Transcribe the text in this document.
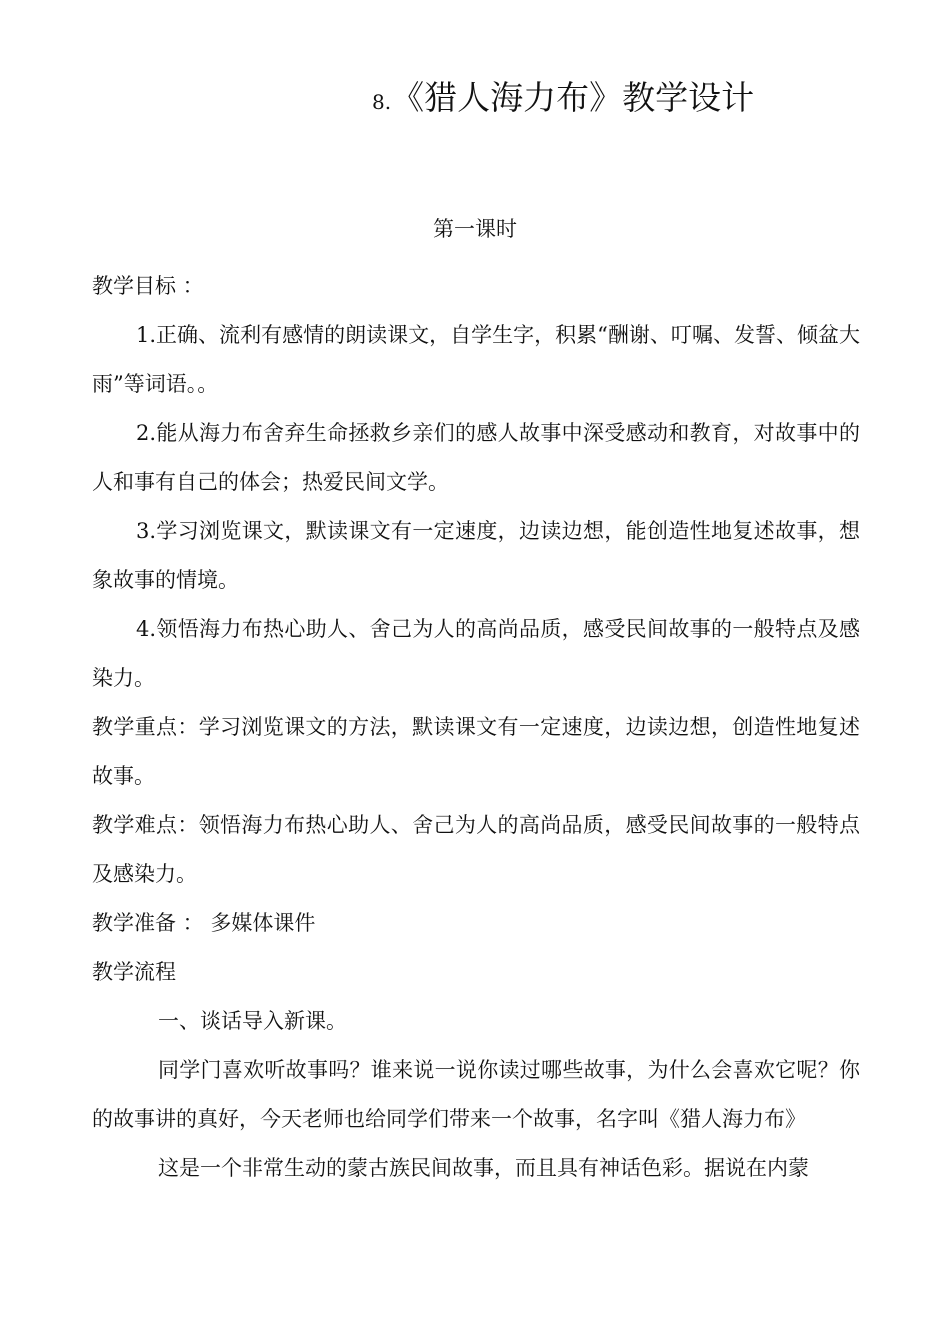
8.《猎人海力布》教学设计
第一课时

教学目标 ：

1.正确、流利有感情的朗读课文，自学生字，积累“酬谢、叮嘱、发誓、倾盆大雨”等词语。。

2.能从海力布舍弃生命拯救乡亲们的感人故事中深受感动和教育，对故事中的人和事有自己的体会；热爱民间文学。

3.学习浏览课文，默读课文有一定速度，边读边想，能创造性地复述故事，想象故事的情境。

4.领悟海力布热心助人、舍己为人的高尚品质，感受民间故事的一般特点及感染力。

教学重点：学习浏览课文的方法，默读课文有一定速度，边读边想，创造性地复述故事。

教学难点：领悟海力布热心助人、舍己为人的高尚品质，感受民间故事的一般特点及感染力。

教学准备 ： 多媒体课件

教学流程

一、谈话导入新课。

同学门喜欢听故事吗？谁来说一说你读过哪些故事，为什么会喜欢它呢？你的故事讲的真好，今天老师也给同学们带来一个故事，名字叫《猎人海力布》

这是一个非常生动的蒙古族民间故事，而且具有神话色彩。据说在内蒙
